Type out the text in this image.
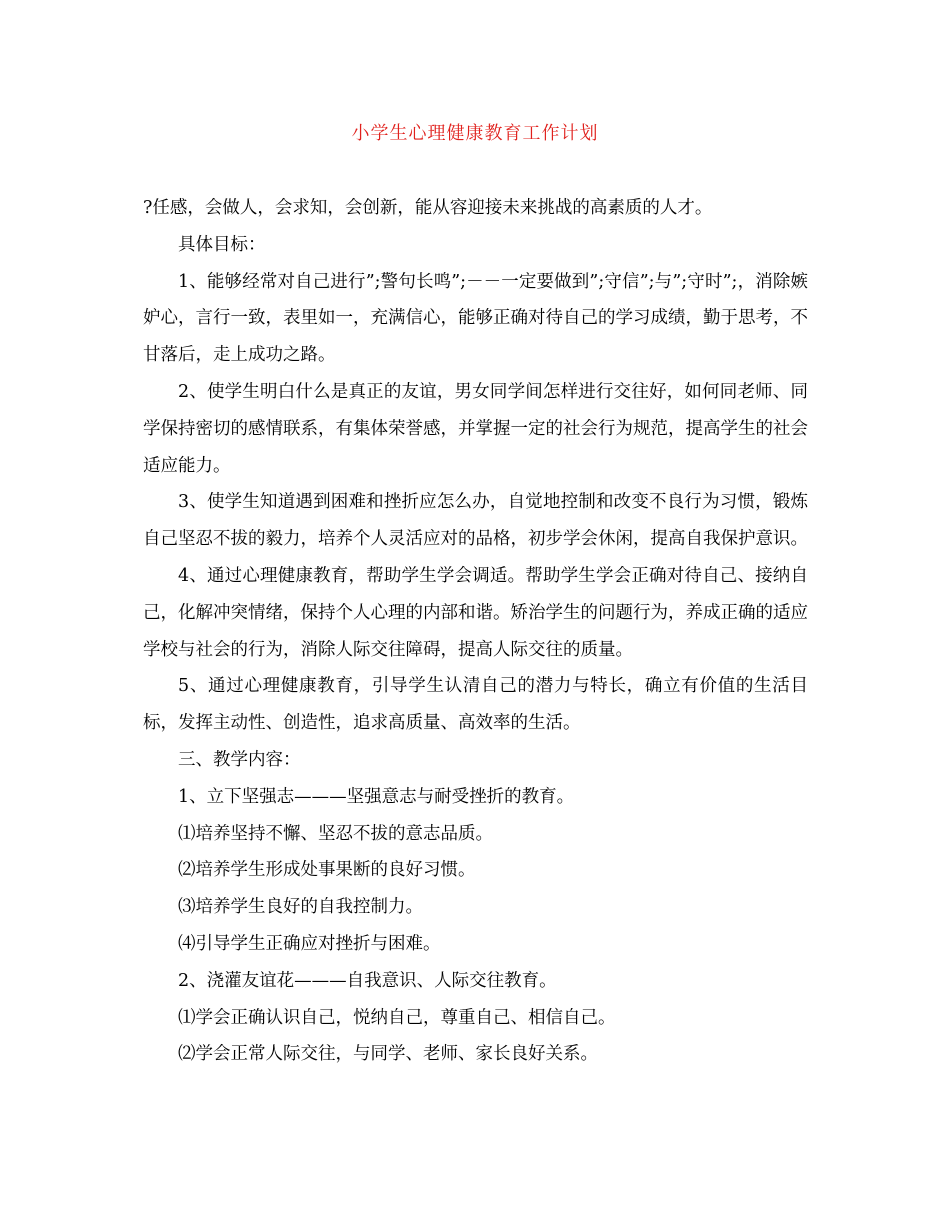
小学生心理健康教育工作计划

?任感，会做人，会求知，会创新，能从容迎接未来挑战的高素质的人才。

具体目标：

1、能够经常对自己进行”;警句长鸣”;－－一定要做到”;守信”;与”;守时”;，消除嫉妒心，言行一致，表里如一，充满信心，能够正确对待自己的学习成绩，勤于思考，不甘落后，走上成功之路。

2、使学生明白什么是真正的友谊，男女同学间怎样进行交往好，如何同老师、同学保持密切的感情联系，有集体荣誉感，并掌握一定的社会行为规范，提高学生的社会适应能力。

3、使学生知道遇到困难和挫折应怎么办，自觉地控制和改变不良行为习惯，锻炼自己坚忍不拔的毅力，培养个人灵活应对的品格，初步学会休闲，提高自我保护意识。

4、通过心理健康教育，帮助学生学会调适。帮助学生学会正确对待自己、接纳自己，化解冲突情绪，保持个人心理的内部和谐。矫治学生的问题行为，养成正确的适应学校与社会的行为，消除人际交往障碍，提高人际交往的质量。

5、通过心理健康教育，引导学生认清自己的潜力与特长，确立有价值的生活目标，发挥主动性、创造性，追求高质量、高效率的生活。

三、教学内容：

1、立下坚强志———坚强意志与耐受挫折的教育。

⑴培养坚持不懈、坚忍不拔的意志品质。

⑵培养学生形成处事果断的良好习惯。

⑶培养学生良好的自我控制力。

⑷引导学生正确应对挫折与困难。

2、浇灌友谊花———自我意识、人际交往教育。

⑴学会正确认识自己，悦纳自己，尊重自己、相信自己。

⑵学会正常人际交往，与同学、老师、家长良好关系。
